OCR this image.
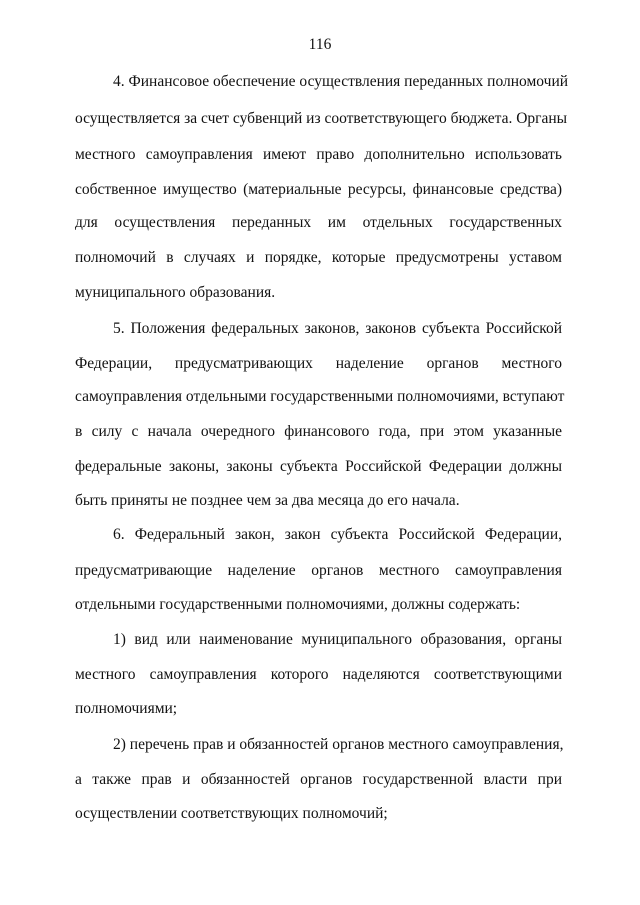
116
4. Финансовое обеспечение осуществления переданных полномочий
осуществляется за счет субвенций из соответствующего бюджета. Органы
местного самоуправления имеют право дополнительно использовать
собственное имущество (материальные ресурсы, финансовые средства)
для осуществления переданных им отдельных государственных
полномочий в случаях и порядке, которые предусмотрены уставом
муниципального образования.
5. Положения федеральных законов, законов субъекта Российской
Федерации, предусматривающих наделение органов местного
самоуправления отдельными государственными полномочиями, вступают
в силу с начала очередного финансового года, при этом указанные
федеральные законы, законы субъекта Российской Федерации должны
быть приняты не позднее чем за два месяца до его начала.
6. Федеральный закон, закон субъекта Российской Федерации,
предусматривающие наделение органов местного самоуправления
отдельными государственными полномочиями, должны содержать:
1) вид или наименование муниципального образования, органы
местного самоуправления которого наделяются соответствующими
полномочиями;
2) перечень прав и обязанностей органов местного самоуправления,
а также прав и обязанностей органов государственной власти при
осуществлении соответствующих полномочий;
